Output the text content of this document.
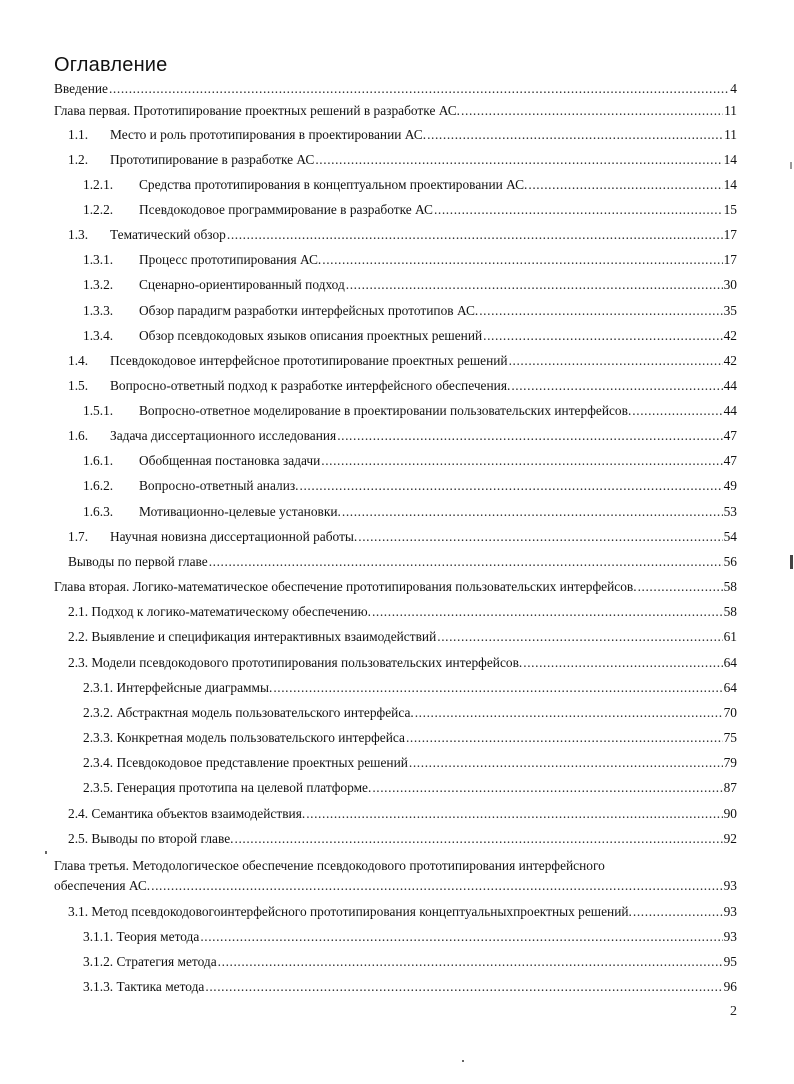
Оглавление
Введение .....	4
Глава первая. Прототипирование проектных решений в разработке АС. .....	11
1.1.	Место и роль прототипирования в проектировании АС. .....	11
1.2.	Прототипирование в разработке АС .....	14
1.2.1.	Средства прототипирования в концептуальном проектировании АС. .....	14
1.2.2.	Псевдокодовое программирование в разработке АС .....	15
1.3.	Тематический обзор .....	17
1.3.1.	Процесс прототипирования АС. .....	17
1.3.2.	Сценарно-ориентированный подход .....	30
1.3.3.	Обзор парадигм разработки интерфейсных прототипов АС. .....	35
1.3.4.	Обзор псевдокодовых языков описания проектных решений .....	42
1.4.	Псевдокодовое интерфейсное прототипирование проектных решений .....	42
1.5.	Вопросно-ответный подход к разработке интерфейсного обеспечения. .....	44
1.5.1.	Вопросно-ответное моделирование в проектировании пользовательских интерфейсов. .....	44
1.6.	Задача диссертационного исследования .....	47
1.6.1.	Обобщенная постановка задачи .....	47
1.6.2.	Вопросно-ответный анализ. .....	49
1.6.3.	Мотивационно-целевые установки. .....	53
1.7.	Научная новизна диссертационной работы. .....	54
Выводы по первой главе .....	56
Глава вторая. Логико-математическое обеспечение прототипирования пользовательских интерфейсов. .....	58
2.1. Подход к логико-математическому обеспечению. .....	58
2.2. Выявление и спецификация интерактивных взаимодействий .....	61
2.3. Модели псевдокодового прототипирования пользовательских интерфейсов. .....	64
2.3.1. Интерфейсные диаграммы. .....	64
2.3.2. Абстрактная модель пользовательского интерфейса. .....	70
2.3.3. Конкретная модель пользовательского интерфейса .....	75
2.3.4. Псевдокодовое представление проектных решений .....	79
2.3.5. Генерация прототипа на целевой платформе. .....	87
2.4. Семантика объектов взаимодействия. .....	90
2.5. Выводы по второй главе. .....	92
Глава третья. Методологическое обеспечение псевдокодового прототипирования интерфейсного
обеспечения АС. .....	93
3.1. Метод псевдокодовогоинтерфейсного прототипирования концептуальныхпроектных решений. .....	93
3.1.1. Теория метода .....	93
3.1.2. Стратегия метода .....	95
3.1.3. Тактика метода .....	96
2
